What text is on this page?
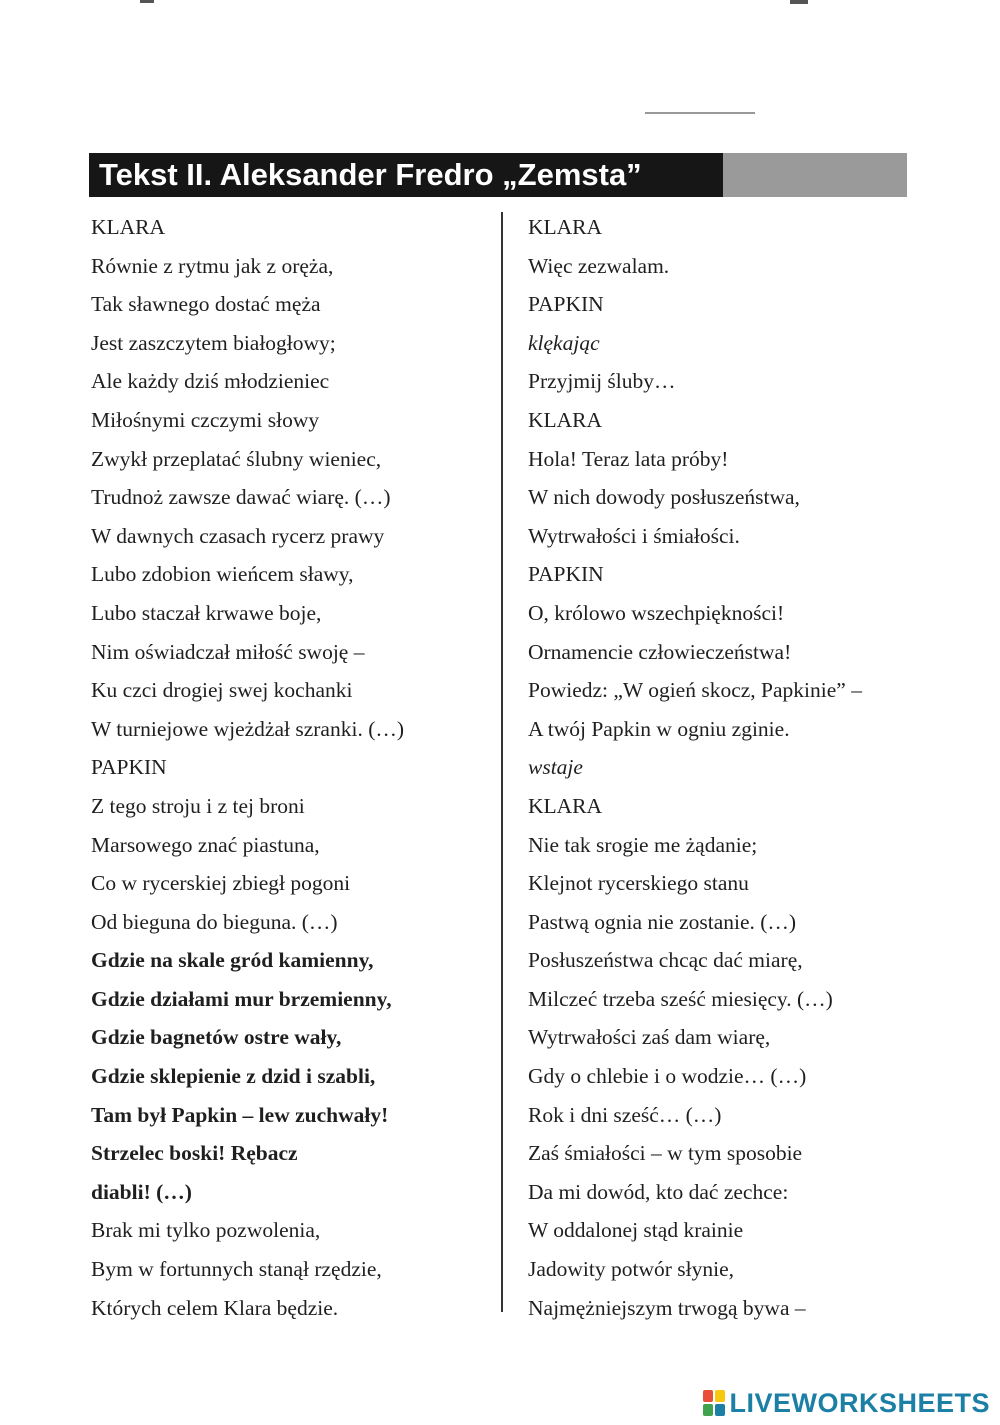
Tekst II. Aleksander Fredro „Zemsta”
KLARA
Równie z rytmu jak z oręża,
Tak sławnego dostać męża
Jest zaszczytem białogłowy;
Ale każdy dziś młodzieniec
Miłośnymi czczymi słowy
Zwykł przeplatać ślubny wieniec,
Trudnoż zawsze dawać wiarę. (…)
W dawnych czasach rycerz prawy
Lubo zdobion wieńcem sławy,
Lubo staczał krwawe boje,
Nim oświadczał miłość swoję –
Ku czci drogiej swej kochanki
W turniejowe wjeżdżał szranki. (…)
PAPKIN
Z tego stroju i z tej broni
Marsowego znać piastuna,
Co w rycerskiej zbiegł pogoni
Od bieguna do bieguna. (…)
Gdzie na skale gród kamienny,
Gdzie działami mur brzemienny,
Gdzie bagnetów ostre wały,
Gdzie sklepienie z dzid i szabli,
Tam był Papkin – lew zuchwały!
Strzelec boski! Rębacz
diabli! (…)
Brak mi tylko pozwolenia,
Bym w fortunnych stanął rzędzie,
Których celem Klara będzie.
KLARA
Więc zezwalam.
PAPKIN
klękając
Przyjmij śluby…
KLARA
Hola! Teraz lata próby!
W nich dowody posłuszeństwa,
Wytrwałości i śmiałości.
PAPKIN
O, królowo wszechpiękności!
Ornamencie człowieczeństwa!
Powiedz: „W ogień skocz, Papkinie” –
A twój Papkin w ogniu zginie.
wstaje
KLARA
Nie tak srogie me żądanie;
Klejnot rycerskiego stanu
Pastwą ognia nie zostanie. (…)
Posłuszeństwa chcąc dać miarę,
Milczeć trzeba sześć miesięcy. (…)
Wytrwałości zaś dam wiarę,
Gdy o chlebie i o wodzie… (…)
Rok i dni sześć… (…)
Zaś śmiałości – w tym sposobie
Da mi dowód, kto dać zechce:
W oddalonej stąd krainie
Jadowity potwór słynie,
Najmężniejszym trwogą bywa –
LIVEWORKSHEETS
